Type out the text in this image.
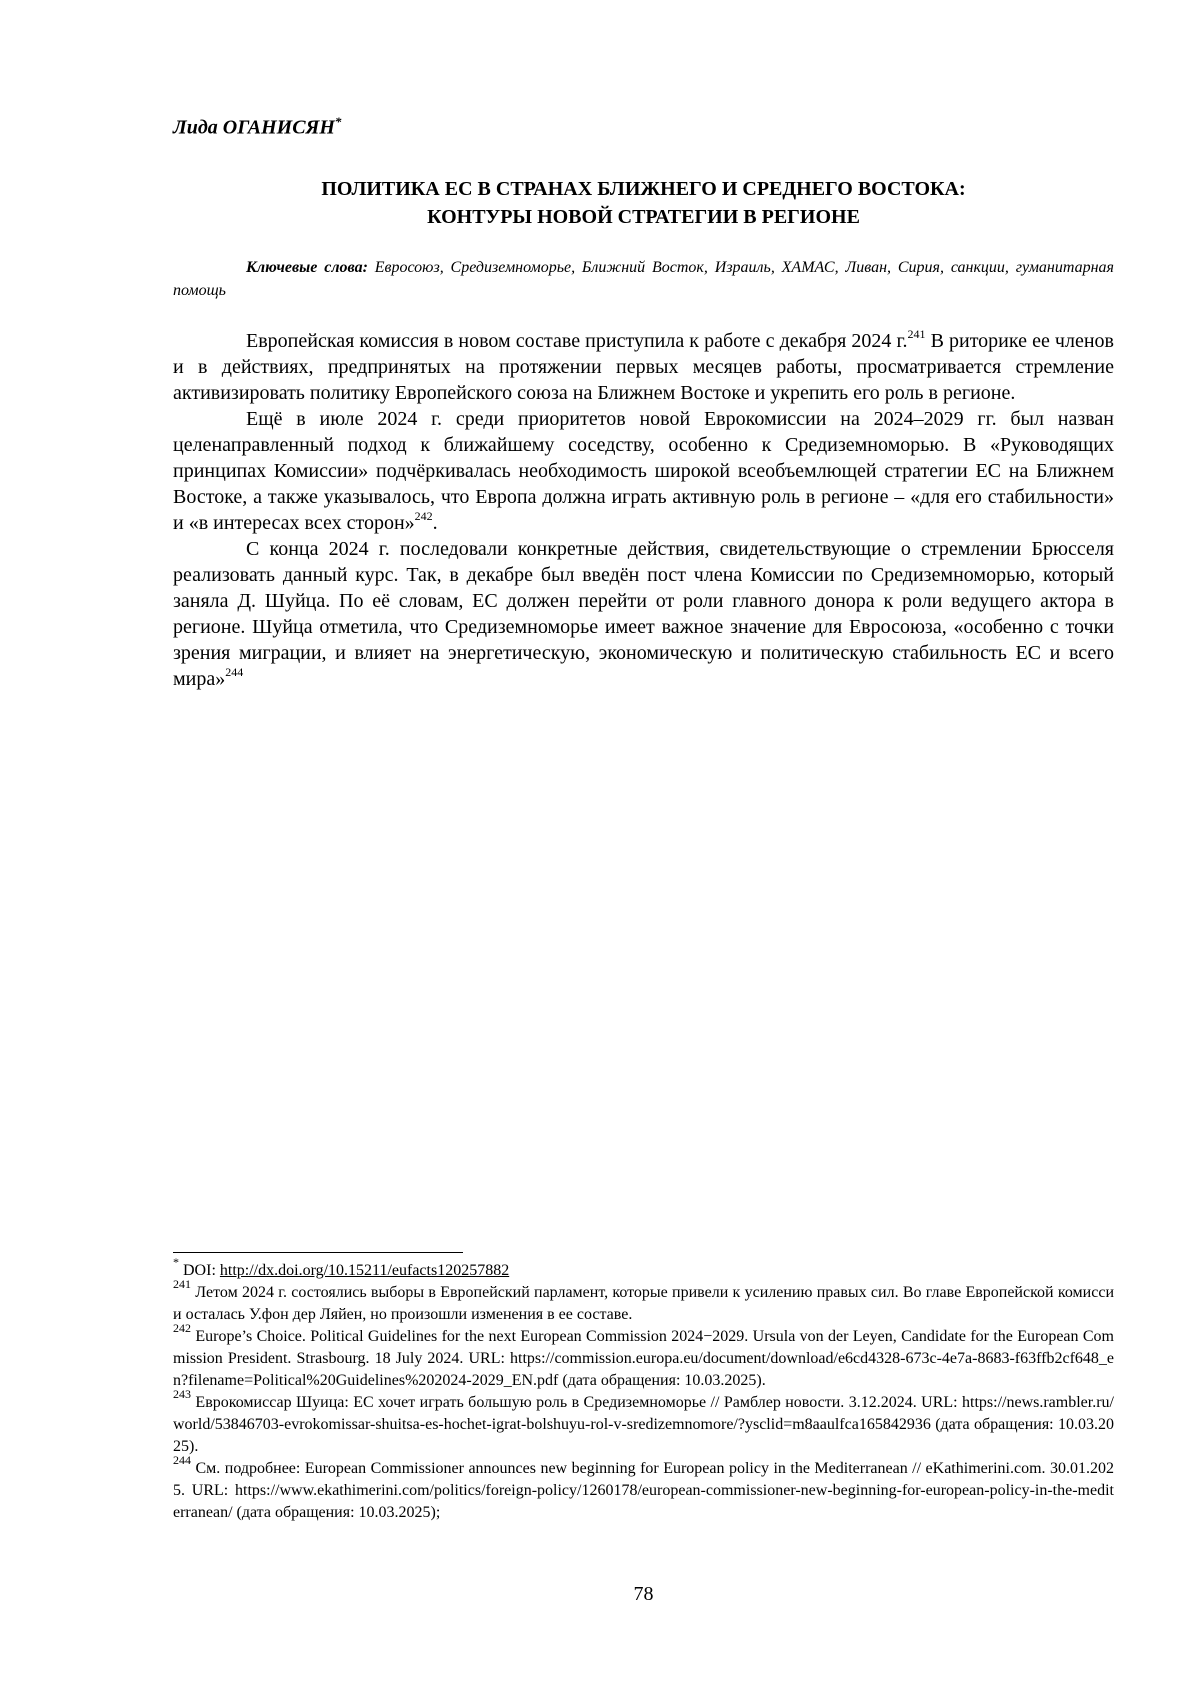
Лида ОГАНИСЯН*
ПОЛИТИКА ЕС В СТРАНАХ БЛИЖНЕГО И СРЕДНЕГО ВОСТОКА:
КОНТУРЫ НОВОЙ СТРАТЕГИИ В РЕГИОНЕ
Ключевые слова: Евросоюз, Средиземноморье, Ближний Восток, Израиль, ХАМАС, Ливан, Сирия, санкции, гуманитарная помощь

Европейская комиссия в новом составе приступила к работе с декабря 2024 г.$^{241}$ В риторике ее членов и в действиях, предпринятых на протяжении первых месяцев работы, просматривается стремление активизировать политику Европейского союза на Ближнем Востоке и укрепить его роль в регионе.

Ещё в июле 2024 г. среди приоритетов новой Еврокомиссии на 2024–2029 гг. был назван целенаправленный подход к ближайшему соседству, особенно к Средиземноморью. В «Руководящих принципах Комиссии» подчёркивалась необходимость широкой всеобъемлющей стратегии ЕС на Ближнем Востоке, а также указывалось, что Европа должна играть активную роль в регионе – «для его стабильности» и «в интересах всех сторон»$^{242}$.

С конца 2024 г. последовали конкретные действия, свидетельствующие о стремлении Брюсселя реализовать данный курс. Так, в декабре был введён пост члена Комиссии по Средиземноморью, который заняла Д. Шуйца. По её словам, ЕС должен перейти от роли главного донора к роли ведущего актора в регионе. Шуйца отметила, что Средиземноморье имеет важное значение для Евросоюза, «особенно с точки зрения миграции, и влияет на энергетическую, экономическую и политическую стабильность ЕС и всего мира»$^{244}$

* DOI: http://dx.doi.org/10.15211/eufacts120257882

$^{241}$ Летом 2024 г. состоялись выборы в Европейский парламент, которые привели к усилению правых сил. Во главе Европейской комиссии осталась У.фон дер Ляйен, но произошли изменения в ее составе.

$^{242}$ Europe’s Choice. Political Guidelines for the next European Commission 2024−2029. Ursula von der Leyen, Candidate for the European Commission President. Strasbourg. 18 July 2024. URL: https://commission.europa.eu/document/download/e6cd4328-673c-4e7a-8683-f63ffb2cf648_en?filename=Political%20Guidelines%202024-2029_EN.pdf (дата обращения: 10.03.2025).

$^{243}$ Еврокомиссар Шуица: ЕС хочет играть большую роль в Средиземноморье // Рамблер новости. 3.12.2024. URL: https://news.rambler.ru/world/53846703-evrokomissar-shuitsa-es-hochet-igrat-bolshuyu-rol-v-sredizemnomore/?ysclid=m8aaulfca165842936 (дата обращения: 10.03.2025).

$^{244}$ См. подробнее: European Commissioner announces new beginning for European policy in the Mediterranean // eKathimerini.com. 30.01.2025. URL: https://www.ekathimerini.com/politics/foreign-policy/1260178/european-commissioner-new-beginning-for-european-policy-in-the-mediterranean/ (дата обращения: 10.03.2025);

78
